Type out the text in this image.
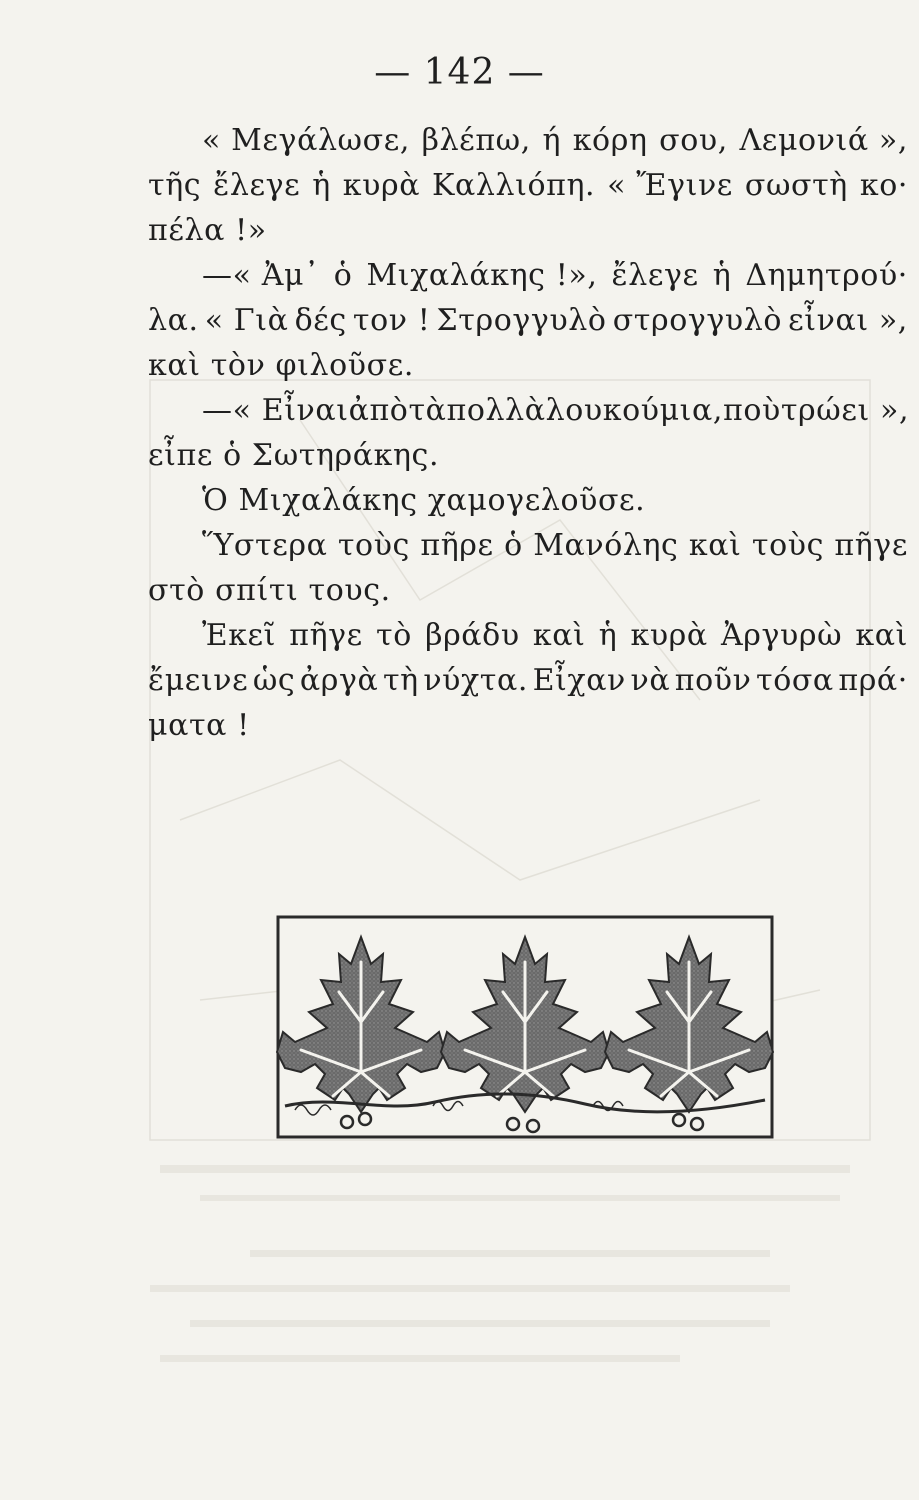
— 142 —
« Μεγάλωσε, βλέπω, ή κόρη σου, Λεμονιά »,
τῆς ἔλεγε ἡ κυρὰ Καλλιόπη. « Ἔγινε σωστὴ κο·
πέλα !»
—« Ἀμ᾽ ὁ Μιχαλάκης !», ἔλεγε ἡ Δημητρού·
λα. « Γιὰ δές τον ! Στρογγυλὸ στρογγυλὸ εἶναι »,
καὶ τὸν φιλοῦσε.
—« Εἶναι ἀπὸ τὰ πολλὰ λουκούμια, ποὺ τρώει »,
εἶπε ὁ Σωτηράκης.
Ὁ Μιχαλάκης χαμογελοῦσε.
Ὕστερα τοὺς πῆρε ὁ Μανόλης καὶ τοὺς πῆγε
στὸ σπίτι τους.
Ἐκεῖ πῆγε τὸ βράδυ καὶ ἡ κυρὰ Ἀργυρὼ καὶ
ἔμεινε ὡς ἀργὰ τὴ νύχτα. Εἶχαν νὰ ποῦν τόσα πρά·
ματα !
